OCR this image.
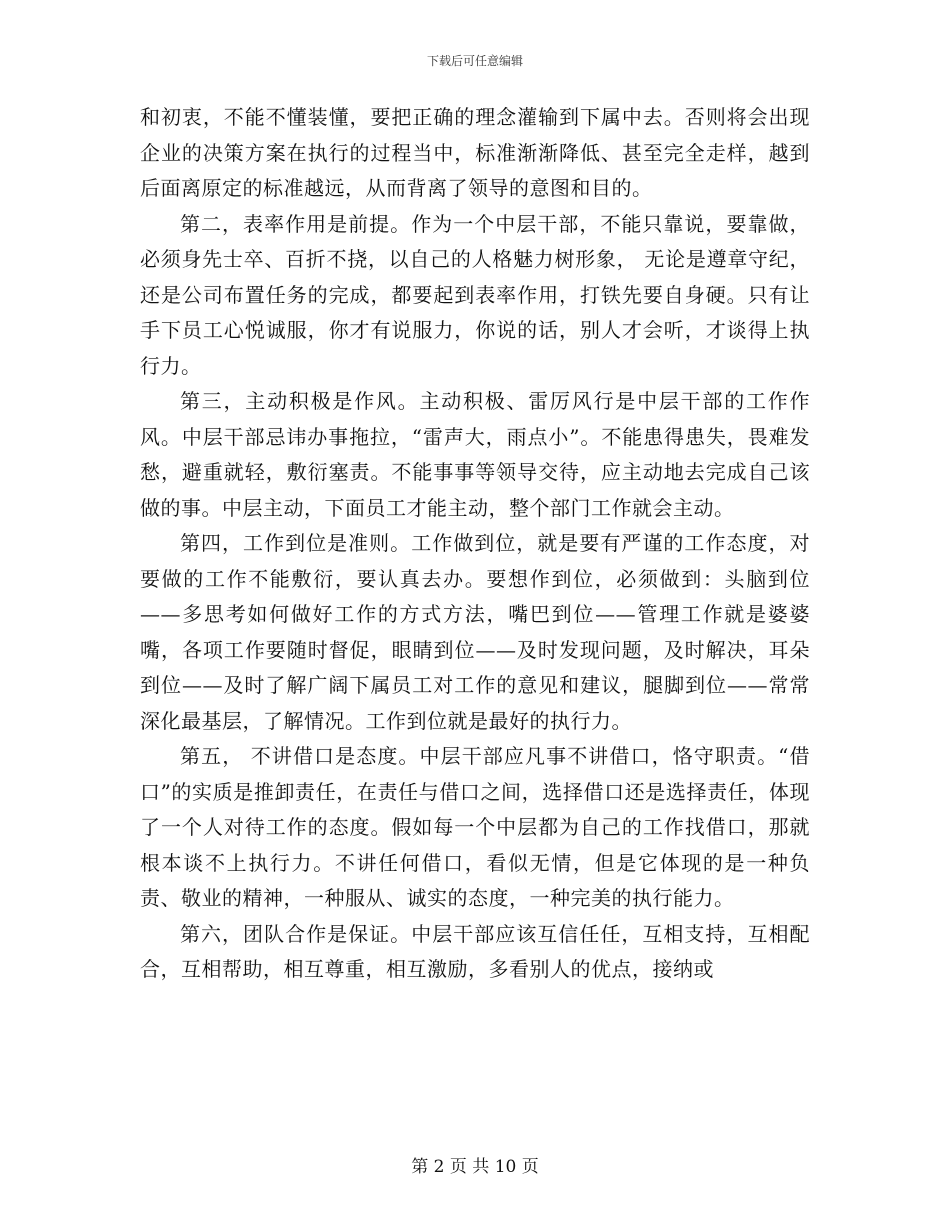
下载后可任意编辑

和初衷，不能不懂装懂，要把正确的理念灌输到下属中去。否则将会出现企业的决策方案在执行的过程当中，标准渐渐降低、甚至完全走样，越到后面离原定的标准越远，从而背离了领导的意图和目的。

第二，表率作用是前提。作为一个中层干部，不能只靠说，要靠做，必须身先士卒、百折不挠，以自己的人格魅力树形象， 无论是遵章守纪，还是公司布置任务的完成，都要起到表率作用，打铁先要自身硬。只有让手下员工心悦诚服，你才有说服力，你说的话，别人才会听，才谈得上执行力。

第三，主动积极是作风。主动积极、雷厉风行是中层干部的工作作风。中层干部忌讳办事拖拉，“雷声大，雨点小”。不能患得患失，畏难发愁，避重就轻，敷衍塞责。不能事事等领导交待，应主动地去完成自己该做的事。中层主动，下面员工才能主动，整个部门工作就会主动。

第四，工作到位是准则。工作做到位，就是要有严谨的工作态度，对要做的工作不能敷衍，要认真去办。要想作到位，必须做到：头脑到位——多思考如何做好工作的方式方法，嘴巴到位——管理工作就是婆婆嘴，各项工作要随时督促，眼睛到位——及时发现问题，及时解决，耳朵到位——及时了解广阔下属员工对工作的意见和建议，腿脚到位——常常深化最基层，了解情况。工作到位就是最好的执行力。

第五， 不讲借口是态度。中层干部应凡事不讲借口，恪守职责。“借口”的实质是推卸责任，在责任与借口之间，选择借口还是选择责任，体现了一个人对待工作的态度。假如每一个中层都为自己的工作找借口，那就根本谈不上执行力。不讲任何借口，看似无情，但是它体现的是一种负责、敬业的精神，一种服从、诚实的态度，一种完美的执行能力。

第六，团队合作是保证。中层干部应该互信任任，互相支持，互相配合，互相帮助，相互尊重，相互激励，多看别人的优点，接纳或

第 2 页 共 10 页
